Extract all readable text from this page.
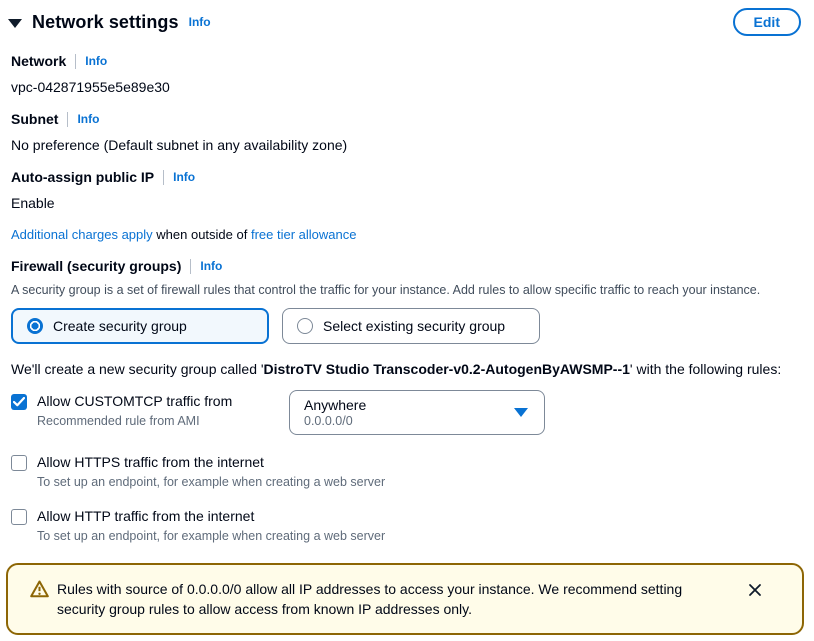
Network settings Info	Edit
Network Info
vpc-042871955e5e89e30
Subnet Info
No preference (Default subnet in any availability zone)
Auto-assign public IP Info
Enable
Additional charges apply when outside of free tier allowance
Firewall (security groups) Info
A security group is a set of firewall rules that control the traffic for your instance. Add rules to allow specific traffic to reach your instance.
Create security group	Select existing security group
We'll create a new security group called 'DistroTV Studio Transcoder-v0.2-AutogenByAWSMP--1' with the following rules:
Allow CUSTOMTCP traffic from
Recommended rule from AMI
Anywhere
0.0.0.0/0
Allow HTTPS traffic from the internet
To set up an endpoint, for example when creating a web server
Allow HTTP traffic from the internet
To set up an endpoint, for example when creating a web server
Rules with source of 0.0.0.0/0 allow all IP addresses to access your instance. We recommend setting security group rules to allow access from known IP addresses only.
